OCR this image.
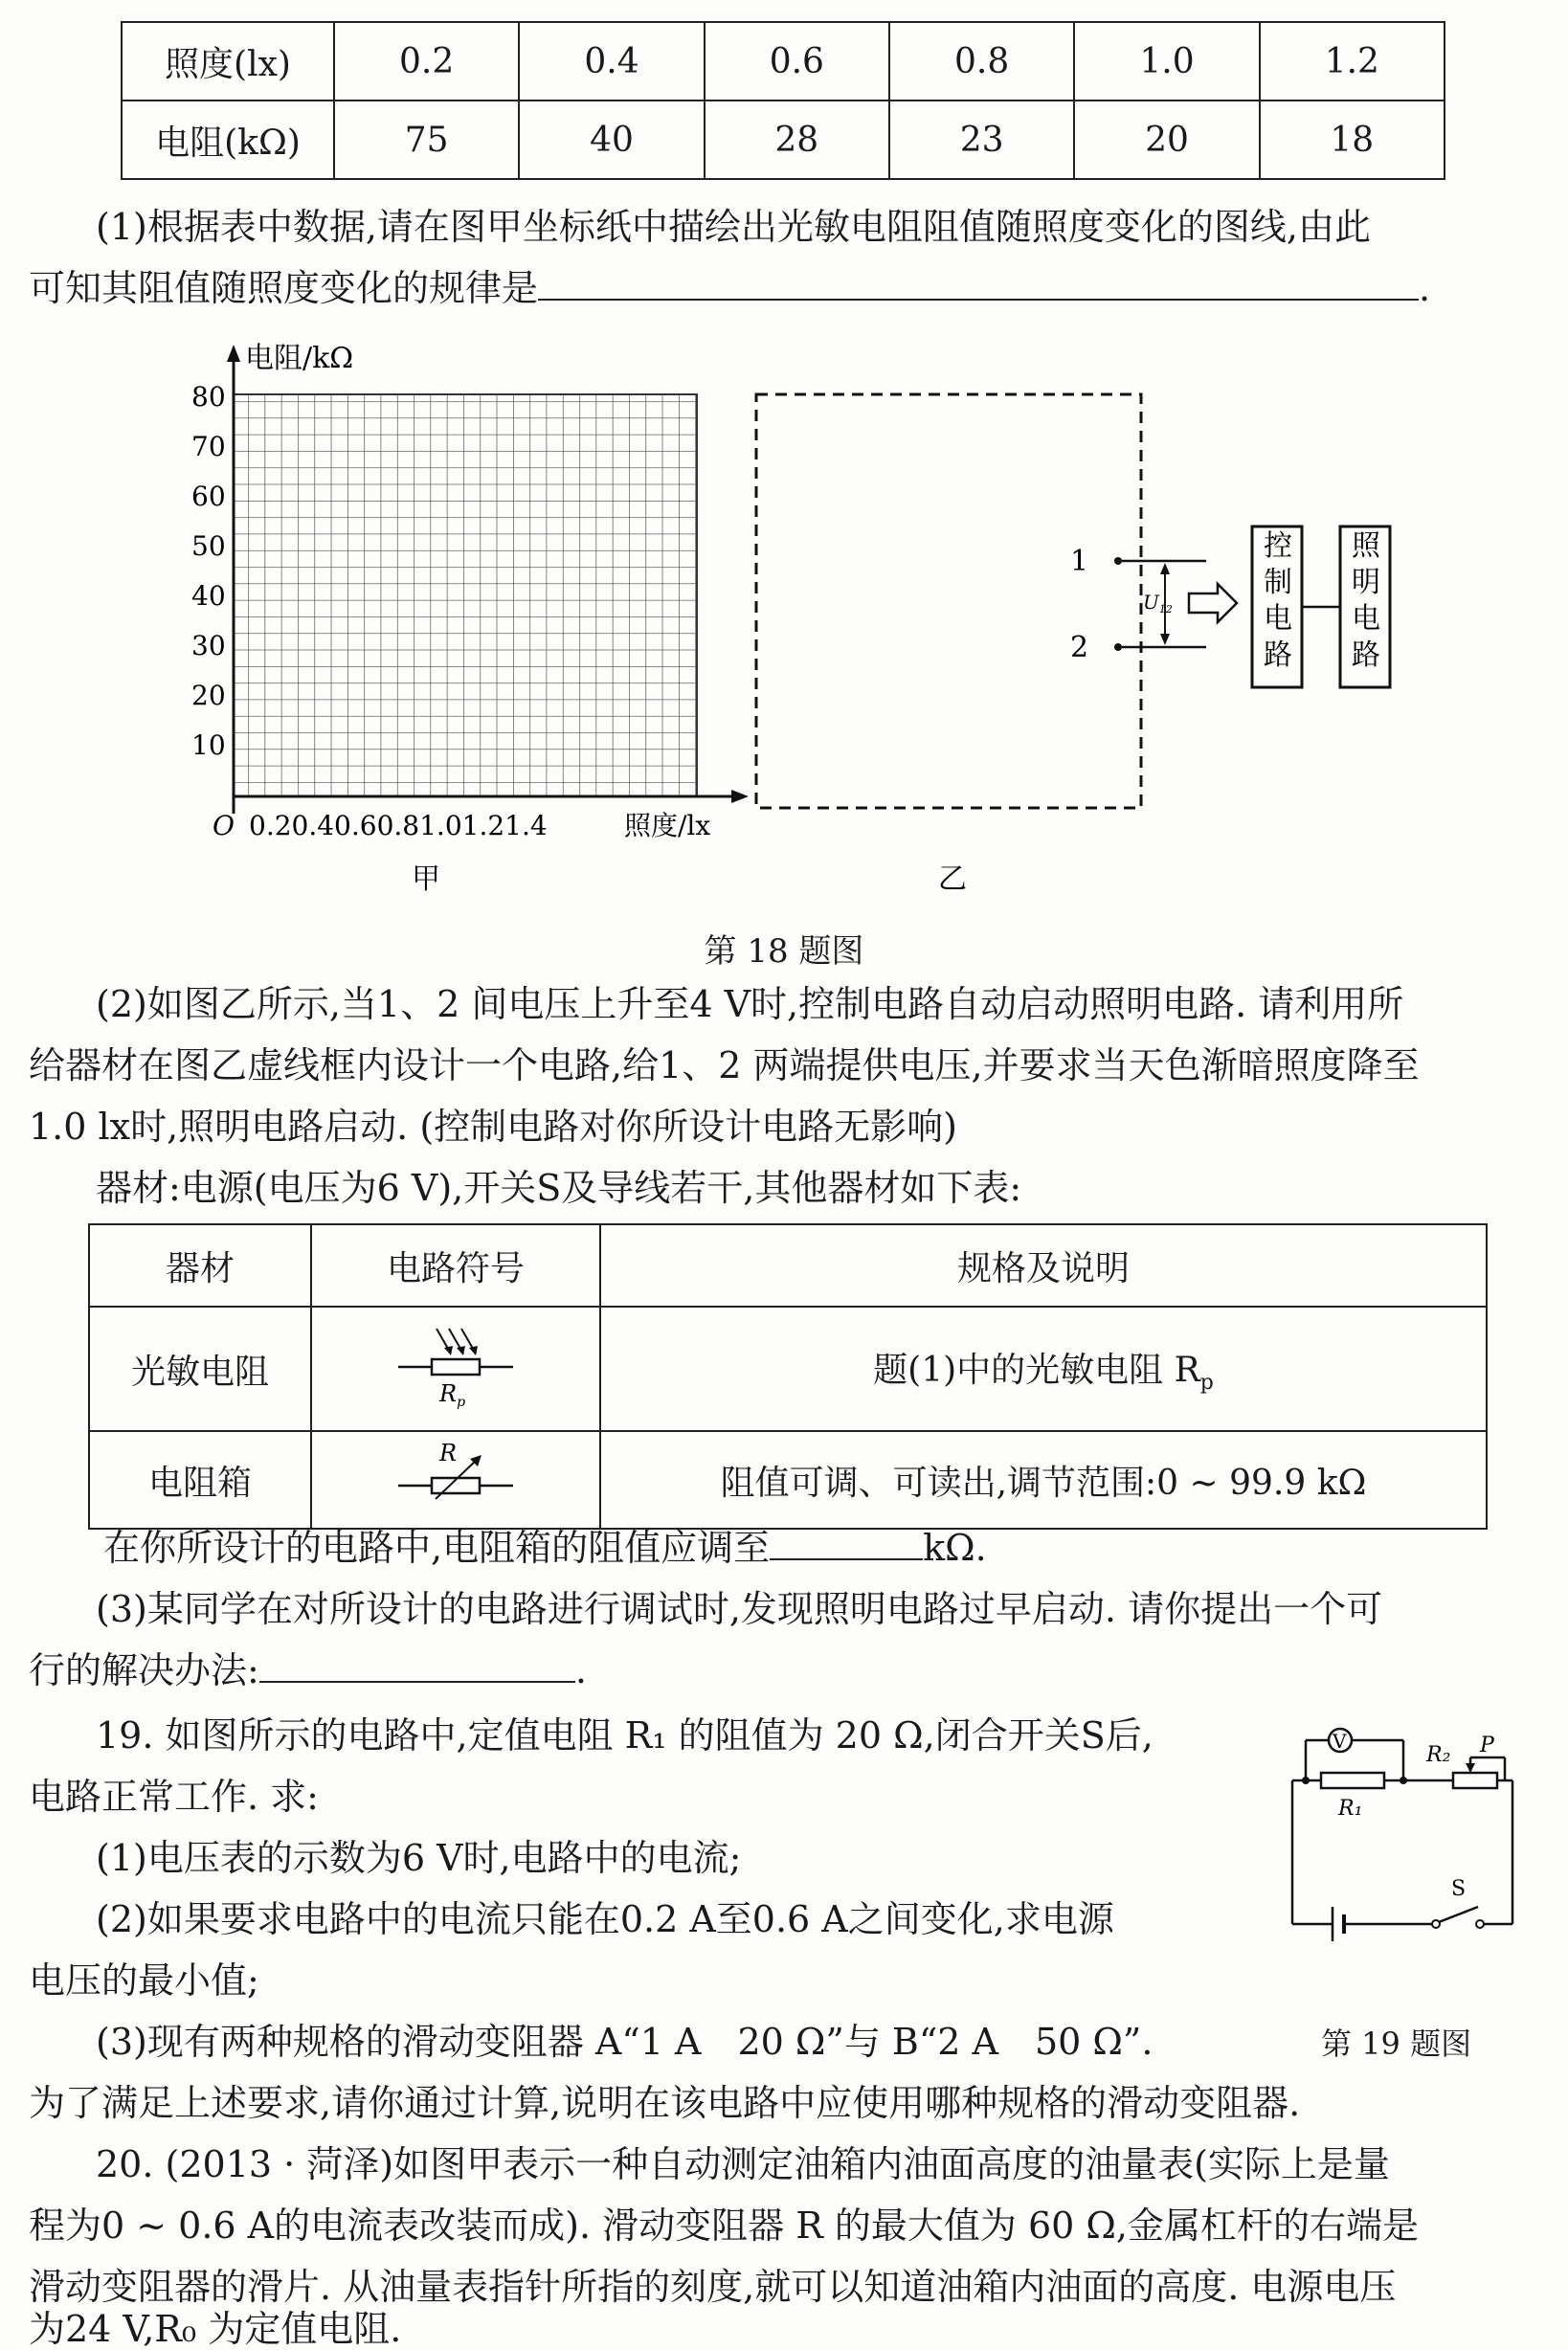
照度(lx)	0.2	0.4	0.6	0.8	1.0	1.2
电阻(kΩ)	75	40	28	23	20	18
(1)根据表中数据,请在图甲坐标纸中描绘出光敏电阻阻值随照度变化的图线,由此
可知其阻值随照度变化的规律是	.
电阻/kΩ
80
70
60
50
40
30
20
10
O 0.20.40.60.81.01.21.4	照度/lx
甲
1
2
$U_{12}$
控
制
电
路
照
明
电
路
乙
第 18 题图
(2)如图乙所示,当1、2 间电压上升至4 V时,控制电路自动启动照明电路. 请利用所
给器材在图乙虚线框内设计一个电路,给1、2 两端提供电压,并要求当天色渐暗照度降至
1.0 lx时,照明电路启动. (控制电路对你所设计电路无影响)
器材:电源(电压为6 V),开关S及导线若干,其他器材如下表:
器材	电路符号	规格及说明
光敏电阻	$R_p$	题(1)中的光敏电阻 $R_p$
电阻箱	R	阻值可调、可读出,调节范围:0 ~ 99.9 kΩ
在你所设计的电路中,电阻箱的阻值应调至	kΩ.
(3)某同学在对所设计的电路进行调试时,发现照明电路过早启动. 请你提出一个可
行的解决办法:	.
19. 如图所示的电路中,定值电阻 R₁ 的阻值为 20 Ω,闭合开关S后,
电路正常工作. 求:
(1)电压表的示数为6 V时,电路中的电流;
(2)如果要求电路中的电流只能在0.2 A至0.6 A之间变化,求电源
电压的最小值;
(3)现有两种规格的滑动变阻器 A“1 A　20 Ω”与 B“2 A　50 Ω”.
为了满足上述要求,请你通过计算,说明在该电路中应使用哪种规格的滑动变阻器.
V
R₂ P
R₁
S
第 19 题图
20. (2013 · 菏泽)如图甲表示一种自动测定油箱内油面高度的油量表(实际上是量
程为0 ~ 0.6 A的电流表改装而成). 滑动变阻器 R 的最大值为 60 Ω,金属杠杆的右端是
滑动变阻器的滑片. 从油量表指针所指的刻度,就可以知道油箱内油面的高度. 电源电压
为24 V,R₀ 为定值电阻.
